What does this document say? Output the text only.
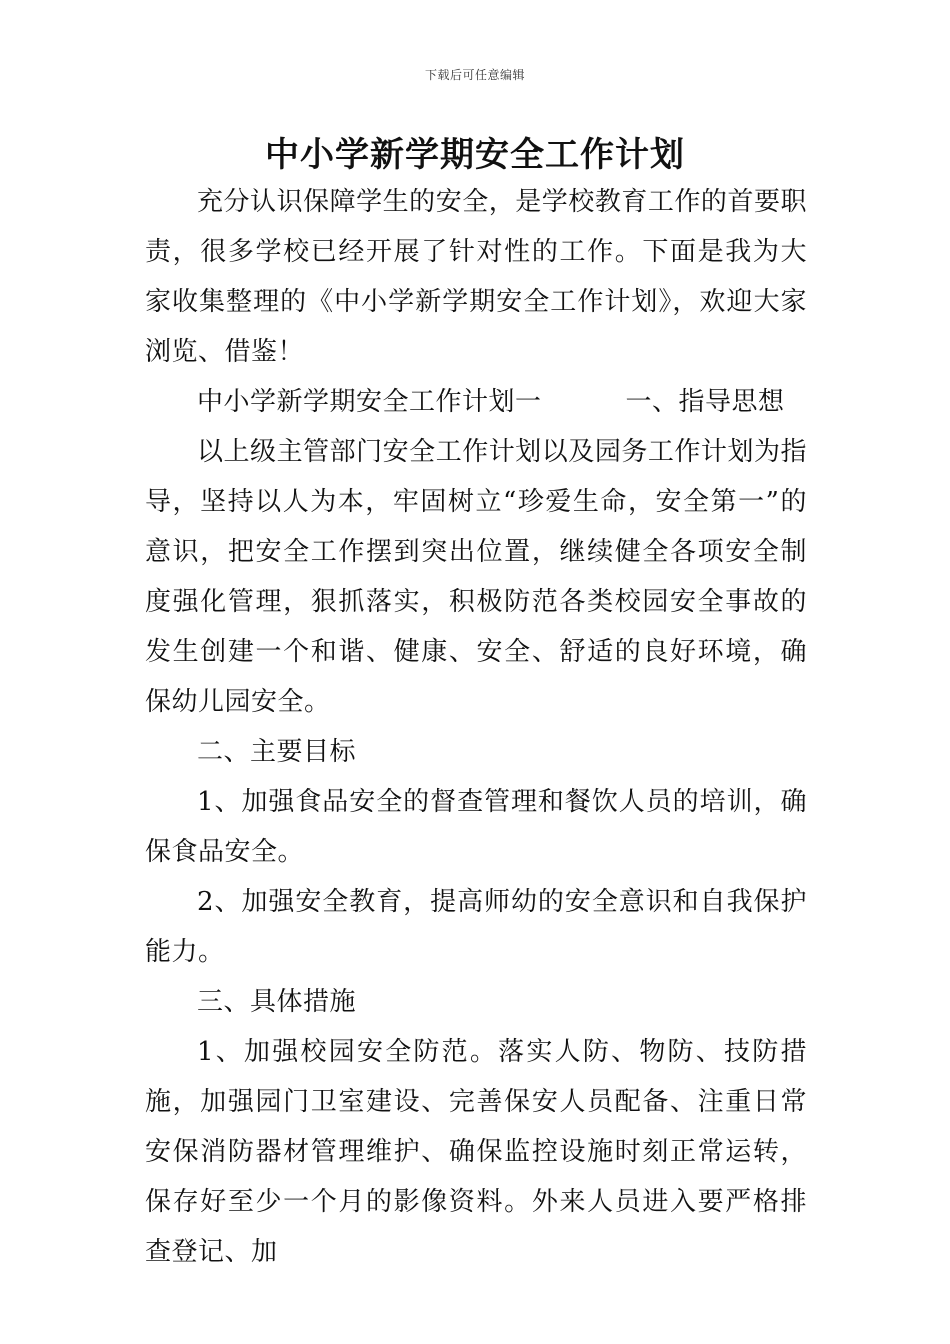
下载后可任意编辑
中小学新学期安全工作计划

充分认识保障学生的安全，是学校教育工作的首要职责，很多学校已经开展了针对性的工作。下面是我为大家收集整理的《中小学新学期安全工作计划》，欢迎大家浏览、借鉴！

中小学新学期安全工作计划一	一、指导思想

以上级主管部门安全工作计划以及园务工作计划为指导，坚持以人为本，牢固树立“珍爱生命，安全第一”的意识，把安全工作摆到突出位置，继续健全各项安全制度强化管理，狠抓落实，积极防范各类校园安全事故的发生创建一个和谐、健康、安全、舒适的良好环境，确保幼儿园安全。

二、主要目标

1、加强食品安全的督查管理和餐饮人员的培训，确保食品安全。

2、加强安全教育，提高师幼的安全意识和自我保护能力。

三、具体措施

1、加强校园安全防范。落实人防、物防、技防措施，加强园门卫室建设、完善保安人员配备、注重日常安保消防器材管理维护、确保监控设施时刻正常运转，保存好至少一个月的影像资料。外来人员进入要严格排查登记、加
